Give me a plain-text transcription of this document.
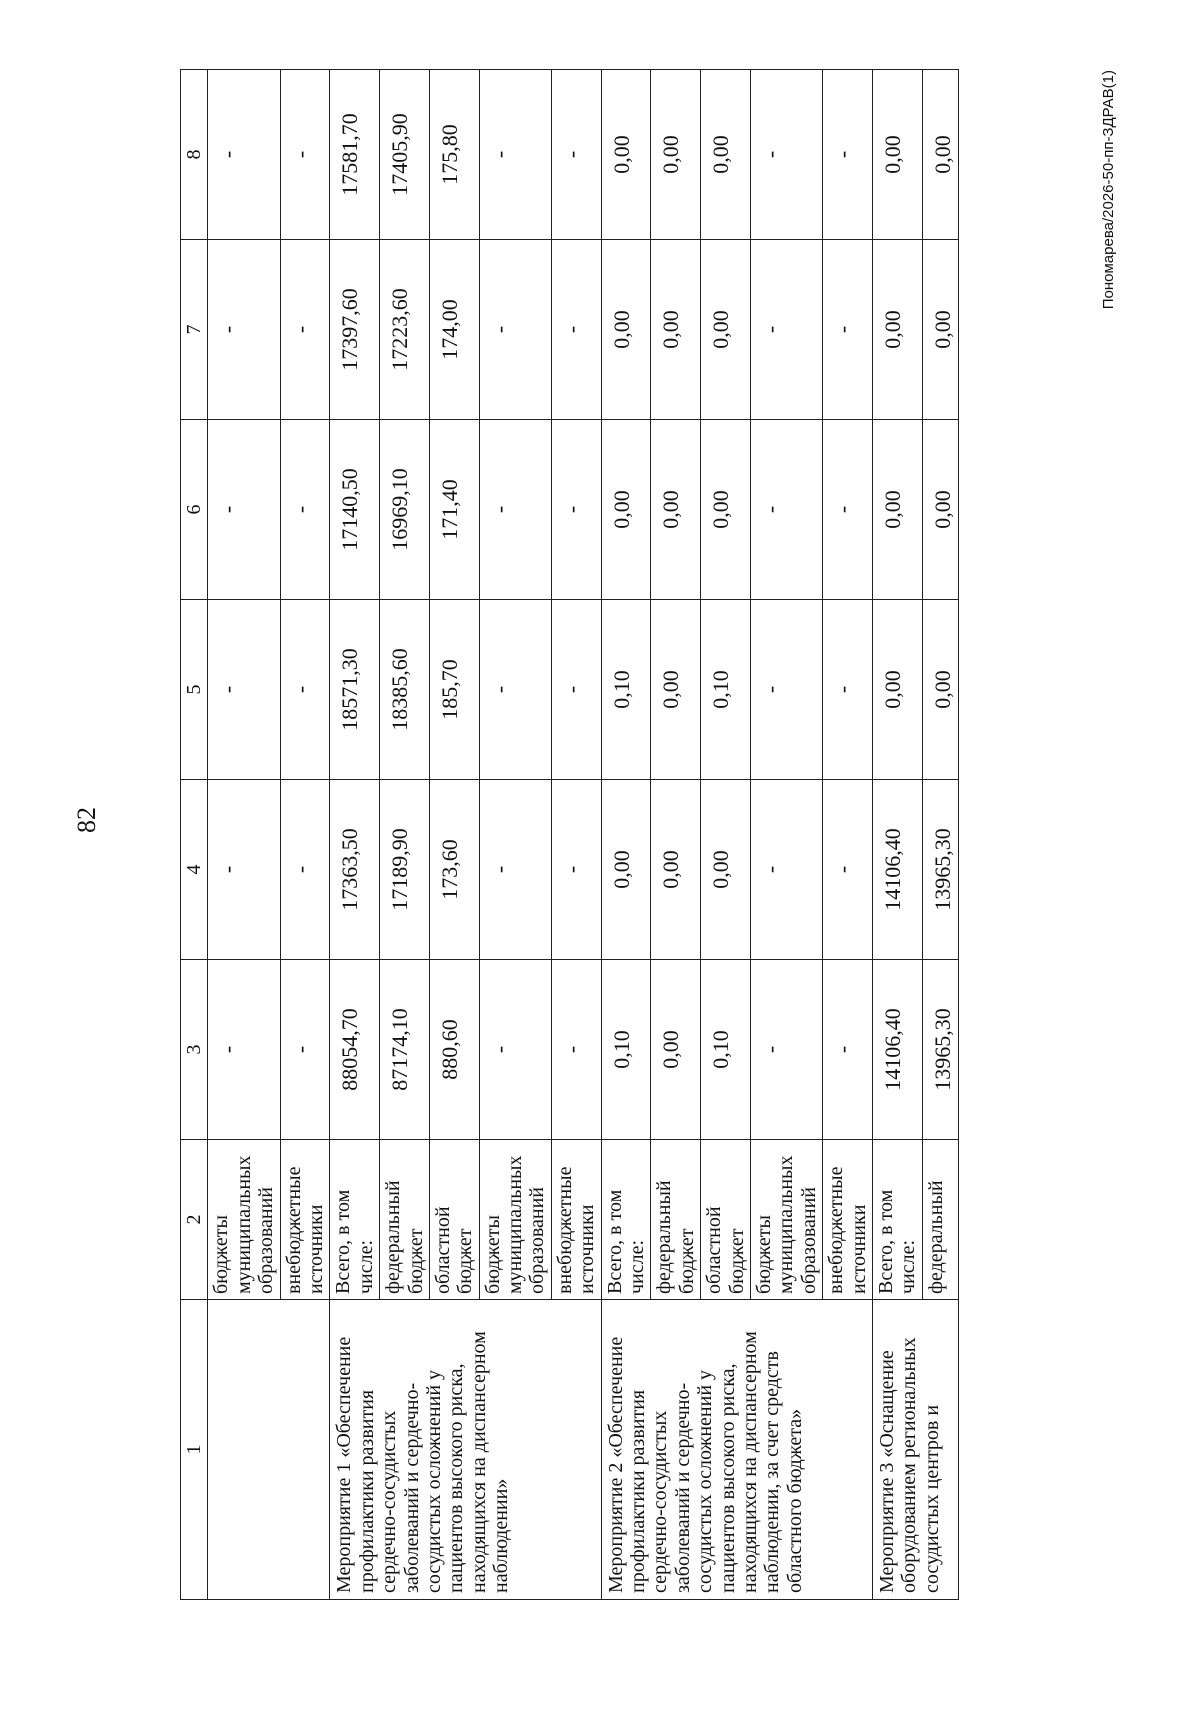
82
1	2	3	4	5	6	7	8
	бюджеты муниципальных образований	-	-	-	-	-	-
	внебюджетные источники	-	-	-	-	-	-
Мероприятие 1 «Обеспечение профилактики развития сердечно-сосудистых заболеваний и сердечно-сосудистых осложнений у пациентов высокого риска, находящихся на диспансерном наблюдении»	Всего, в том числе:	88054,70	17363,50	18571,30	17140,50	17397,60	17581,70
	федеральный бюджет	87174,10	17189,90	18385,60	16969,10	17223,60	17405,90
	областной бюджет	880,60	173,60	185,70	171,40	174,00	175,80
	бюджеты муниципальных образований	-	-	-	-	-	-
	внебюджетные источники	-	-	-	-	-	-
Мероприятие 2 «Обеспечение профилактики развития сердечно-сосудистых заболеваний и сердечно-сосудистых осложнений у пациентов высокого риска, находящихся на диспансерном наблюдении, за счет средств областного бюджета»	Всего, в том числе:	0,10	0,00	0,10	0,00	0,00	0,00
	федеральный бюджет	0,00	0,00	0,00	0,00	0,00	0,00
	областной бюджет	0,10	0,00	0,10	0,00	0,00	0,00
	бюджеты муниципальных образований	-	-	-	-	-	-
	внебюджетные источники	-	-	-	-	-	-
Мероприятие 3 «Оснащение оборудованием региональных сосудистых центров и	Всего, в том числе:	14106,40	14106,40	0,00	0,00	0,00	0,00
	федеральный	13965,30	13965,30	0,00	0,00	0,00	0,00	Пономарева/2026-50-пп-ЗДРАВ(1)
